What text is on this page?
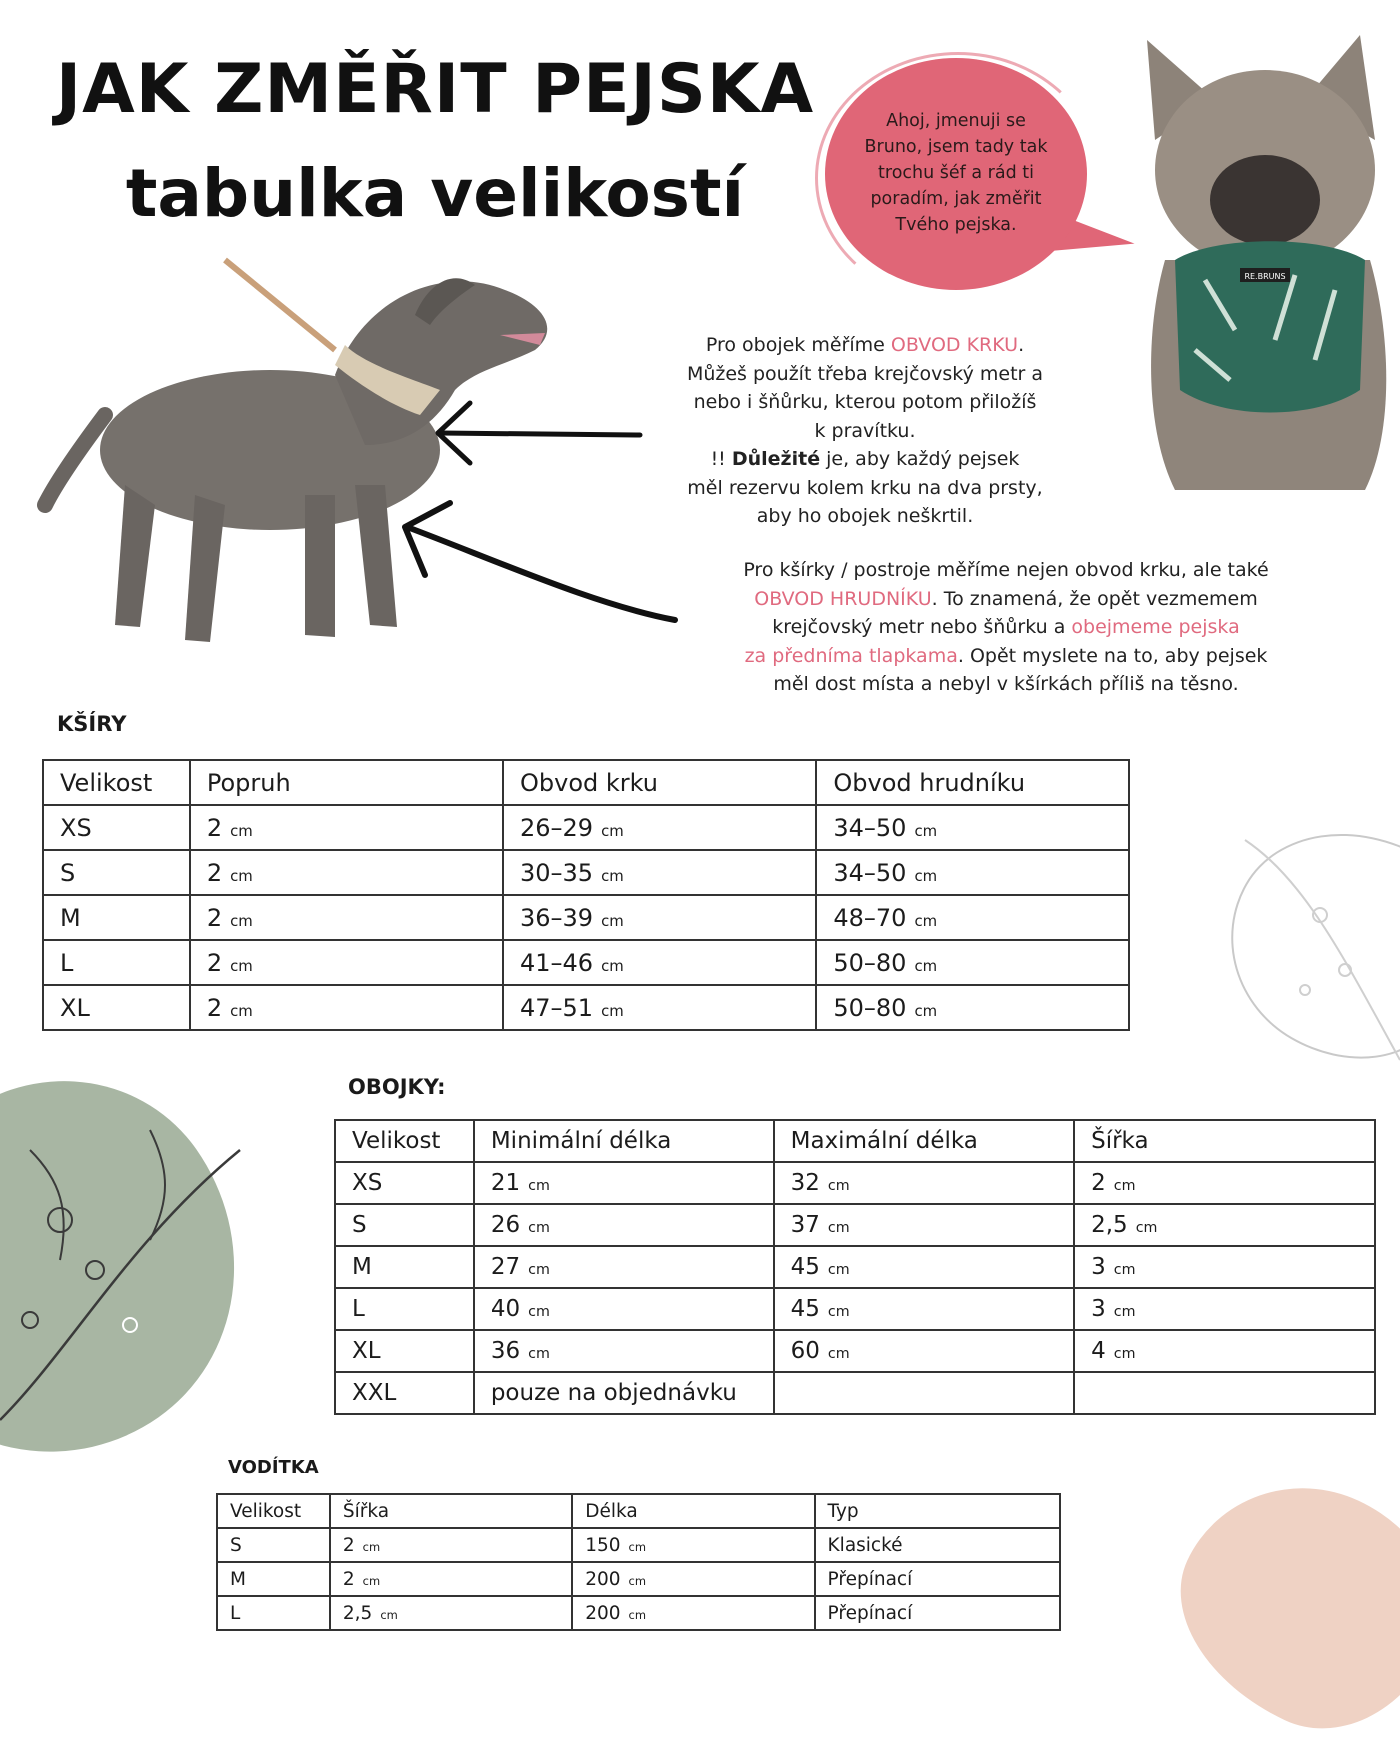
JAK ZMĚŘIT PEJSKA
tabulka velikostí
Ahoj, jmenuji se
Bruno, jsem tady tak
trochu šéf a rád ti
poradím, jak změřit
Tvého pejska.
RE.BRUNS
Pro obojek měříme OBVOD KRKU.
Můžeš použít třeba krejčovský metr a
nebo i šňůrku, kterou potom přiložíš
k pravítku.
!! Důležité je, aby každý pejsek
měl rezervu kolem krku na dva prsty,
aby ho obojek neškrtil.
Pro kšírky / postroje měříme nejen obvod krku, ale také
OBVOD HRUDNÍKU. To znamená, že opět vezmemem
krejčovský metr nebo šňůrku a obejmeme pejska
za předníma tlapkama. Opět myslete na to, aby pejsek
měl dost místa a nebyl v kšírkách příliš na těsno.
KŠÍRY
Velikost	Popruh	Obvod krku	Obvod hrudníku
XS	2 cm	26–29 cm	34–50 cm
S	2 cm	30–35 cm	34–50 cm
M	2 cm	36–39 cm	48–70 cm
L	2 cm	41–46 cm	50–80 cm
XL	2 cm	47–51 cm	50–80 cm
OBOJKY:
Velikost	Minimální délka	Maximální délka	Šířka
XS	21 cm	32 cm	2 cm
S	26 cm	37 cm	2,5 cm
M	27 cm	45 cm	3 cm
L	40 cm	45 cm	3 cm
XL	36 cm	60 cm	4 cm
XXL	pouze na objednávku		
VODÍTKA
Velikost	Šířka	Délka	Typ
S	2 cm	150 cm	Klasické
M	2 cm	200 cm	Přepínací
L	2,5 cm	200 cm	Přepínací
